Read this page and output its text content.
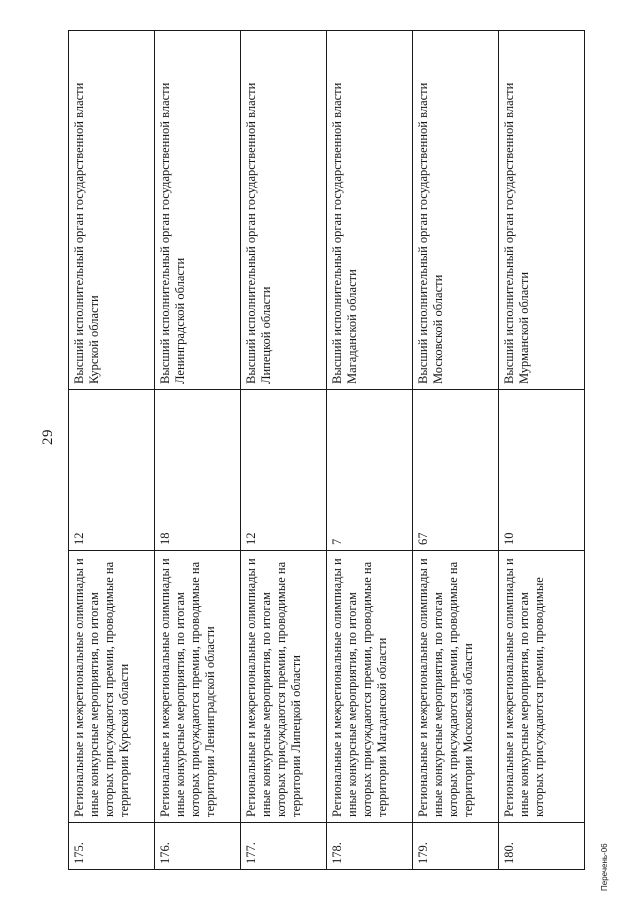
29
175.	Региональные и межрегиональные олимпиады и иные конкурсные мероприятия, по итогам которых присуждаются премии, проводимые на территории Курской области	12	Высший исполнительный орган государственной власти Курской области
176.	Региональные и межрегиональные олимпиады и иные конкурсные мероприятия, по итогам которых присуждаются премии, проводимые на территории Ленинградской области	18	Высший исполнительный орган государственной власти Ленинградской области
177.	Региональные и межрегиональные олимпиады и иные конкурсные мероприятия, по итогам которых присуждаются премии, проводимые на территории Липецкой области	12	Высший исполнительный орган государственной власти Липецкой области
178.	Региональные и межрегиональные олимпиады и иные конкурсные мероприятия, по итогам которых присуждаются премии, проводимые на территории Магаданской области	7	Высший исполнительный орган государственной власти Магаданской области
179.	Региональные и межрегиональные олимпиады и иные конкурсные мероприятия, по итогам которых присуждаются премии, проводимые на территории Московской области	67	Высший исполнительный орган государственной власти Московской области
180.	Региональные и межрегиональные олимпиады и иные конкурсные мероприятия, по итогам которых присуждаются премии, проводимые	10	Высший исполнительный орган государственной власти Мурманской области
Перечень-06
